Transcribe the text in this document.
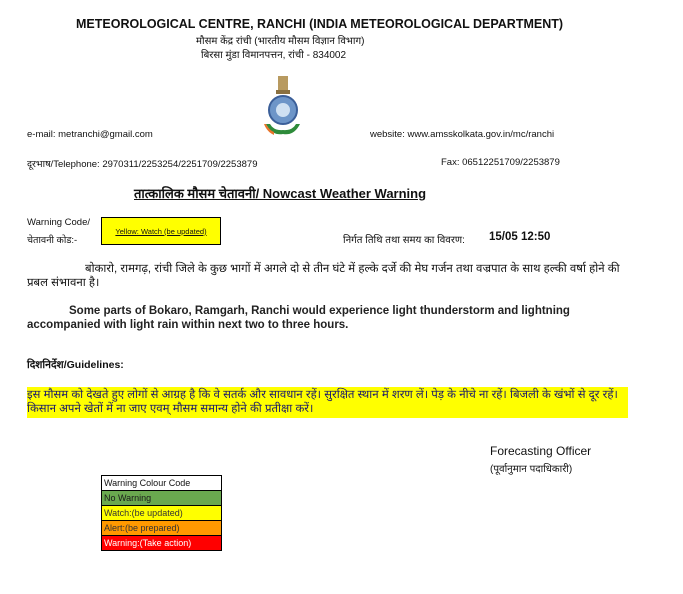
METEOROLOGICAL CENTRE, RANCHI (INDIA METEOROLOGICAL DEPARTMENT)
मौसम केंद्र रांची (भारतीय मौसम विज्ञान विभाग)
बिरसा मुंडा विमानपत्तन, रांची - 834002
e-mail: metranchi@gmail.com	website: www.amsskolkata.gov.in/mc/ranchi
दूरभाष/Telephone: 2970311/2253254/2251709/2253879	Fax: 06512251709/2253879
तात्कालिक मौसम चेतावनी/ Nowcast Weather Warning
Warning Code/
चेतावनी कोड:-
Yellow: Watch (be updated)
निर्गत तिथि तथा समय का विवरण: 15/05 12:50
बोकारो, रामगढ़, रांची जिले के कुछ भागों में अगले दो से तीन घंटे में हल्के दर्जे की मेघ गर्जन तथा वज्रपात के साथ हल्की वर्षा होने की प्रबल संभावना है।
Some parts of Bokaro, Ramgarh, Ranchi would experience light thunderstorm and lightning accompanied with light rain within next two to three hours.
दिशनिर्देश/Guidelines:
इस मौसम को देखते हुए लोगों से आग्रह है कि वे सतर्क और सावधान रहें। सुरक्षित स्थान में शरण लें। पेड़ के नीचे ना रहें। बिजली के खंभों से दूर रहें। किसान अपने खेतों में ना जाए एवम् मौसम समान्य होने की प्रतीक्षा करें।
Forecasting Officer
(पूर्वानुमान पदाधिकारी)
Warning Colour Code
No Warning
Watch:(be updated)
Alert:(be prepared)
Warning:(Take action)
